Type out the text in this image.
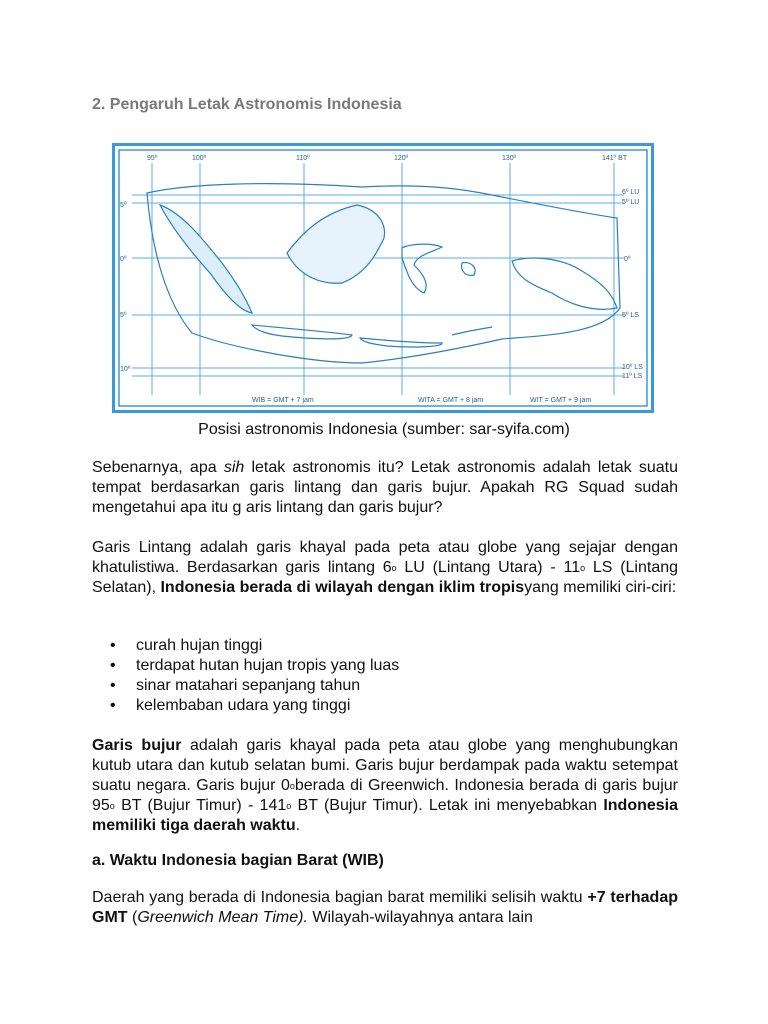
2. Pengaruh Letak Astronomis Indonesia
95º	100º	110º	120º	130º	141º BT
5º
0º
5º
10º
6º LU
5º LU
0º
5º LS
10º LS
11º LS
WIB = GMT + 7 jam	WITA = GMT + 8 jam	WIT = GMT + 9 jam
Posisi astronomis Indonesia (sumber: sar-syifa.com)
Sebenarnya, apa sih letak astronomis itu? Letak astronomis adalah letak suatu tempat berdasarkan garis lintang dan garis bujur. Apakah RG Squad sudah mengetahui apa itu g aris lintang dan garis bujur?
Garis Lintang adalah garis khayal pada peta atau globe yang sejajar dengan khatulistiwa. Berdasarkan garis lintang 6o LU (Lintang Utara) - 11o LS (Lintang Selatan), Indonesia berada di wilayah dengan iklim tropisyang memiliki ciri-ciri:
• curah hujan tinggi
• terdapat hutan hujan tropis yang luas
• sinar matahari sepanjang tahun
• kelembaban udara yang tinggi
Garis bujur adalah garis khayal pada peta atau globe yang menghubungkan kutub utara dan kutub selatan bumi. Garis bujur berdampak pada waktu setempat suatu negara. Garis bujur 0oberada di Greenwich. Indonesia berada di garis bujur 95o BT (Bujur Timur) - 141o BT (Bujur Timur). Letak ini menyebabkan Indonesia memiliki tiga daerah waktu.
a. Waktu Indonesia bagian Barat (WIB)
Daerah yang berada di Indonesia bagian barat memiliki selisih waktu +7 terhadap GMT (Greenwich Mean Time). Wilayah-wilayahnya antara lain
